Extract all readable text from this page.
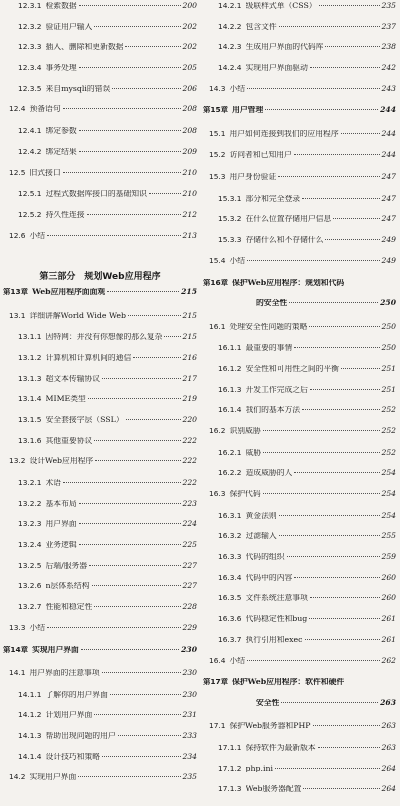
12.3.1 检索数据	200
12.3.2 验证用户输入	202
12.3.3 插入、删除和更新数据	202
12.3.4 事务处理	205
12.3.5 来自mysqli的错误	206
12.4 预备语句	208
12.4.1 绑定参数	208
12.4.2 绑定结果	209
12.5 旧式接口	210
12.5.1 过程式数据库接口的基础知识	210
12.5.2 持久性连接	212
12.6 小结	213
第三部分　规划Web应用程序
第13章 Web应用程序面面观	215
13.1 详细讲解World Wide Web	215
13.1.1 因特网：并没有你想像的那么复杂	215
13.1.2 计算机和计算机间的通信	216
13.1.3 超文本传输协议	217
13.1.4 MIME类型	219
13.1.5 安全套接字层（SSL）	220
13.1.6 其他重要协议	222
13.2 设计Web应用程序	222
13.2.1 术语	222
13.2.2 基本布局	223
13.2.3 用户界面	224
13.2.4 业务逻辑	225
13.2.5 后端/服务器	227
13.2.6 n层体系结构	227
13.2.7 性能和稳定性	228
13.3 小结	229
第14章 实现用户界面	230
14.1 用户界面的注意事项	230
14.1.1 了解你的用户界面	230
14.1.2 计划用户界面	231
14.1.3 帮助出现问题的用户	233
14.1.4 设计技巧和策略	234
14.2 实现用户界面	235
14.2.1 级联样式单（CSS）	235
14.2.2 包含文件	237
14.2.3 生成用户界面的代码库	238
14.2.4 实现用户界面驱动	242
14.3 小结	243
第15章 用户管理	244
15.1 用户如何连接到我们的应用程序	244
15.2 访问者和已知用户	244
15.3 用户身份验证	247
15.3.1 部分和完全登录	247
15.3.2 在什么位置存储用户信息	247
15.3.3 存储什么和不存储什么	249
15.4 小结	249
第16章 保护Web应用程序：规划和代码
的安全性	250
16.1 处理安全性问题的策略	250
16.1.1 最重要的事情	250
16.1.2 安全性和可用性之间的平衡	251
16.1.3 开发工作完成之后	251
16.1.4 我们的基本方法	252
16.2 识别威胁	252
16.2.1 威胁	252
16.2.2 造成威胁的人	254
16.3 保护代码	254
16.3.1 黄金法则	254
16.3.2 过滤输入	255
16.3.3 代码的组织	259
16.3.4 代码中的内容	260
16.3.5 文件系统注意事项	260
16.3.6 代码稳定性和bug	261
16.3.7 执行引用和exec	261
16.4 小结	262
第17章 保护Web应用程序：软件和硬件
安全性	263
17.1 保护Web服务器和PHP	263
17.1.1 保持软件为最新版本	263
17.1.2 php.ini	264
17.1.3 Web服务器配置	264
